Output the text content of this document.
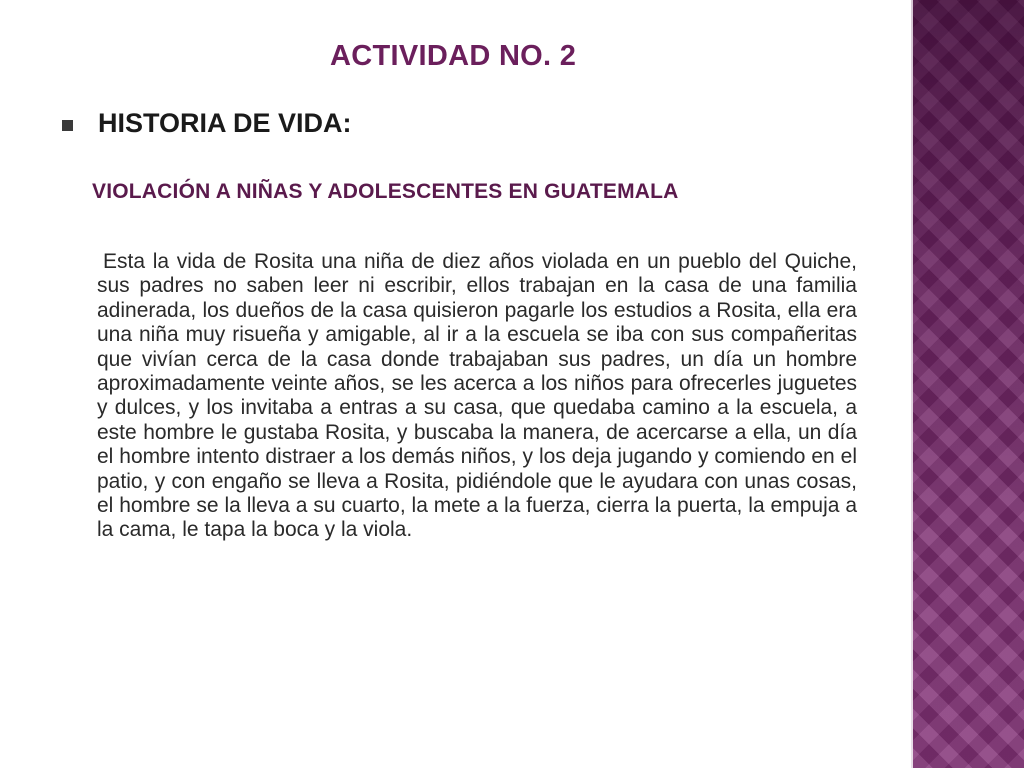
ACTIVIDAD NO. 2
HISTORIA DE VIDA:
VIOLACIÓN A NIÑAS Y ADOLESCENTES EN GUATEMALA

Esta la vida de Rosita una niña de diez años violada en un pueblo del Quiche, sus padres no saben leer ni escribir, ellos trabajan en la casa de una familia adinerada, los dueños de la casa quisieron pagarle los estudios a Rosita, ella era una niña muy risueña y amigable, al ir a la escuela se iba con sus compañeritas que vivían cerca de la casa donde trabajaban sus padres, un día un hombre aproximadamente veinte años, se les acerca a los niños para ofrecerles juguetes y dulces, y los invitaba a entras a su casa, que quedaba camino a la escuela, a este hombre le gustaba Rosita, y buscaba la manera, de acercarse a ella, un día el hombre intento distraer a los demás niños, y los deja jugando y comiendo en el patio, y con engaño se lleva a Rosita, pidiéndole que le ayudara con unas cosas, el hombre se la lleva a su cuarto, la mete a la fuerza, cierra la puerta, la empuja a la cama, le tapa la boca y la viola.
